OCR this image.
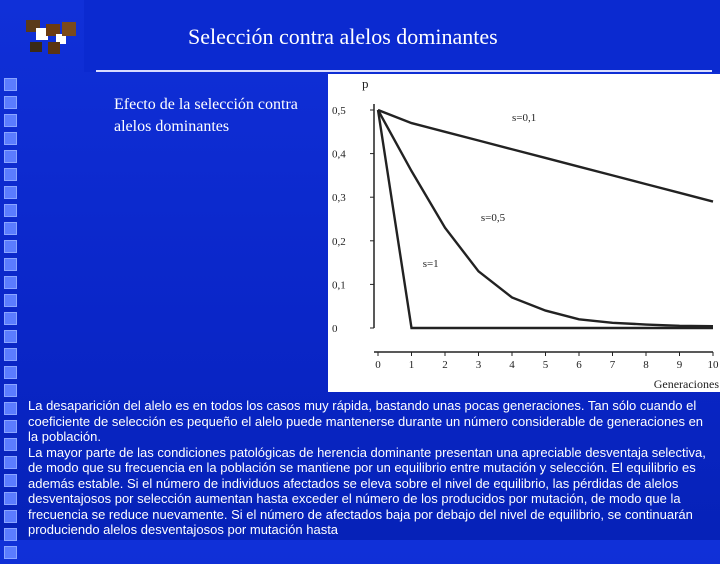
Selección contra alelos dominantes
Efecto de la selección contra alelos dominantes
p
Generaciones
0
0,1
0,2
0,3
0,4
0,5
0	1	2	3	4	5	6	7	8	9 10
s=0,1
s=0,5
s=1

La desaparición del alelo es en todos los casos muy rápida, bastando unas pocas generaciones. Tan sólo cuando el coeficiente de selección es pequeño el alelo puede mantenerse durante un número considerable de generaciones en la población.

La mayor parte de las condiciones patológicas de herencia dominante presentan una apreciable desventaja selectiva, de modo que su frecuencia en la población se mantiene por un equilibrio entre mutación y selección. El equilibrio es además estable. Si el número de individuos afectados se eleva sobre el nivel de equilibrio, las pérdidas de alelos desventajosos por selección aumentan hasta exceder el número de los producidos por mutación, de modo que la frecuencia se reduce nuevamente. Si el número de afectados baja por debajo del nivel de equilibrio, se continuarán produciendo alelos desventajosos por mutación hasta
